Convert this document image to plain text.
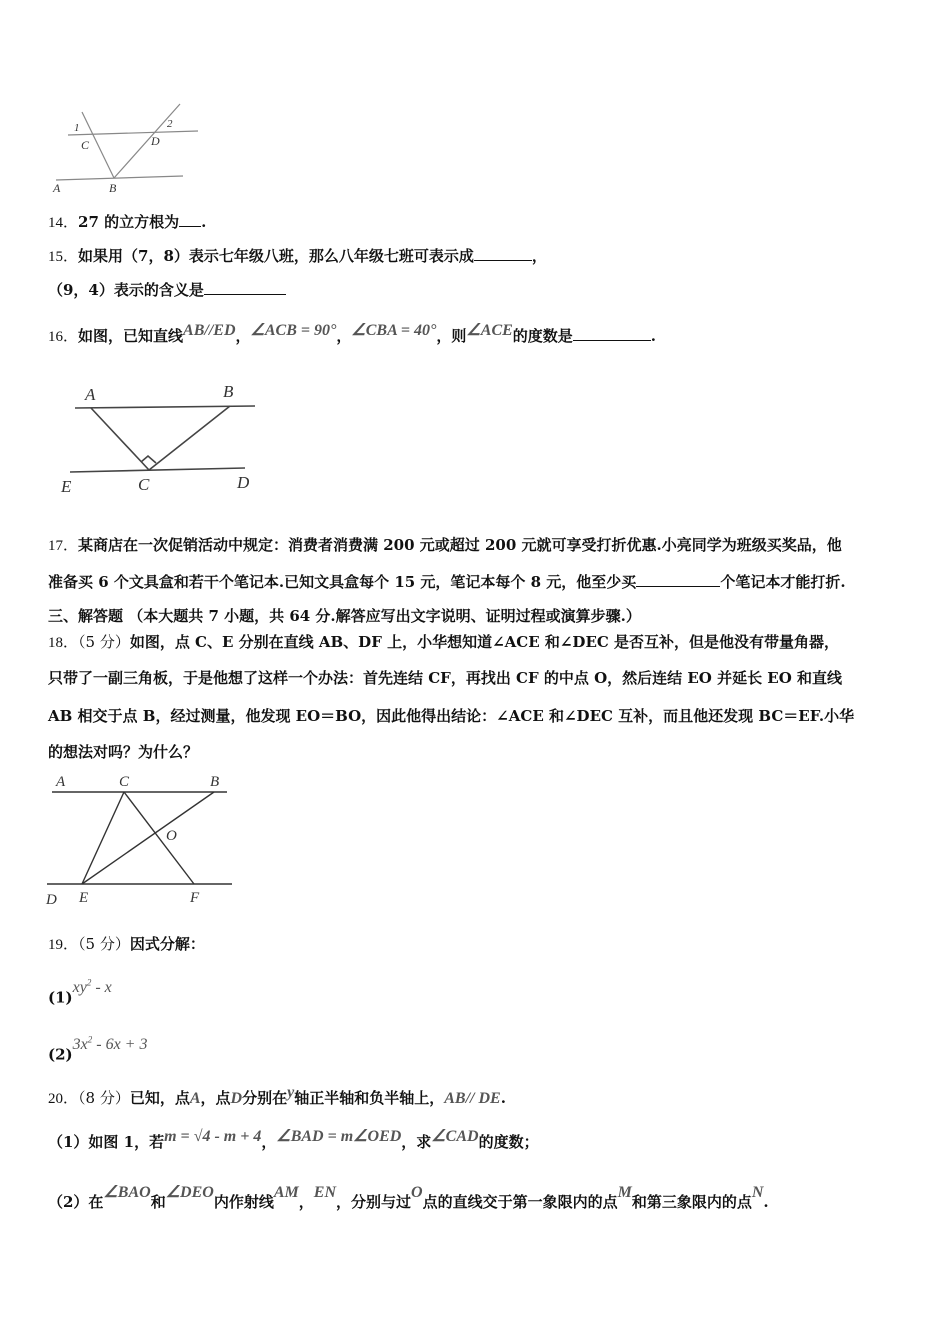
1	2
C	D
A	B
14．27 的立方根为 .
15．如果用（7，8）表示七年级八班，那么八年级七班可表示成	，
（9，4）表示的含义是
16．如图，已知直线AB//ED，∠ACB = 90°，∠CBA = 40°，则∠ACE的度数是	.
A	B
E	C	D
17．某商店在一次促销活动中规定：消费者消费满 200 元或超过 200 元就可享受打折优惠.小亮同学为班级买奖品，他
准备买 6 个文具盒和若干个笔记本.已知文具盒每个 15 元，笔记本每个 8 元，他至少买	个笔记本才能打折.
三、解答题 （本大题共 7 小题，共 64 分.解答应写出文字说明、证明过程或演算步骤.）
18．（5 分）如图，点 C、E 分别在直线 AB、DF 上，小华想知道∠ACE 和∠DEC 是否互补，但是他没有带量角器，
只带了一副三角板，于是他想了这样一个办法：首先连结 CF，再找出 CF 的中点 O，然后连结 EO 并延长 EO 和直线
AB 相交于点 B，经过测量，他发现 EO＝BO，因此他得出结论：∠ACE 和∠DEC 互补，而且他还发现 BC＝EF.小华
的想法对吗？为什么？
A	C	B
O
D E	F
19．（5 分）因式分解：
$(1)xy^2$ - x
$(2)3x^2 - 6x + 3$
20．（8 分）已知，点A，点D分别在y轴正半轴和负半轴上，AB// DE.
（1）如图 1，若m = √4 - m + 4，∠BAD = m∠OED，求∠CAD的度数；
（2）在∠BAO和∠DEO内作射线AM，EN，分别与过O点的直线交于第一象限内的点M和第三象限内的点N.
